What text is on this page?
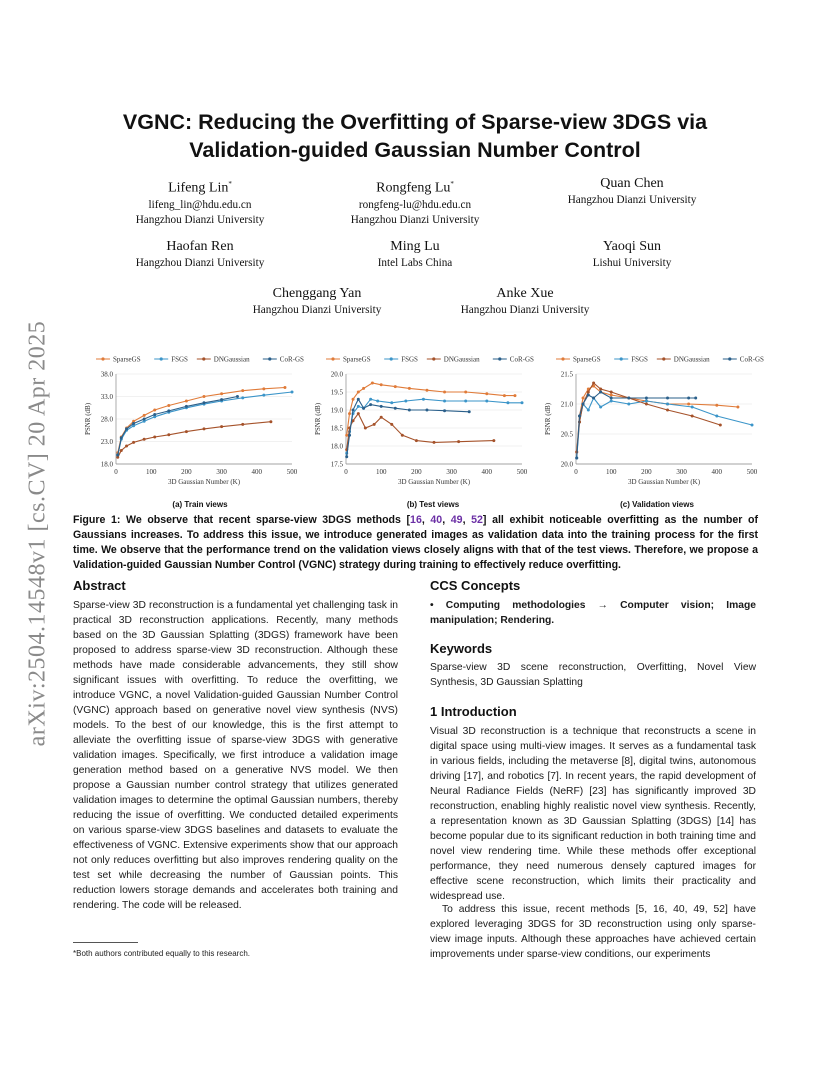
arXiv:2504.14548v1 [cs.CV] 20 Apr 2025
VGNC: Reducing the Overfitting of Sparse-view 3DGS via
Validation-guided Gaussian Number Control
Lifeng Lin*
lifeng_lin@hdu.edu.cn
Hangzhou Dianzi University
Rongfeng Lu*
rongfeng-lu@hdu.edu.cn
Hangzhou Dianzi University
Quan Chen
Hangzhou Dianzi University
Haofan Ren
Hangzhou Dianzi University
Ming Lu
Intel Labs China
Yaoqi Sun
Lishui University
Chenggang Yan
Hangzhou Dianzi University
Anke Xue
Hangzhou Dianzi University
SparseGS	FSGS	DNGaussian	CoR-GS
18.0
23.0
28.0
33.0
38.0
0	100	200	300	400	500
3D Gaussian Number (K)
PSNR (dB)
SparseGS	FSGS	DNGaussian	CoR-GS
17.5
18.0
18.5
19.0
19.5
20.0
0	100	200	300	400	500
3D Gaussian Number (K)
PSNR (dB)
SparseGS	FSGS	DNGaussian	CoR-GS
20.0
20.5
21.0
21.5
0	100	200	300	400	500
3D Gaussian Number (K)
PSNR (dB)
(a) Train views	(b) Test views	(c) Validation views
Figure 1: We observe that recent sparse-view 3DGS methods [16, 40, 49, 52] all exhibit noticeable overfitting as the number of Gaussians increases. To address this issue, we introduce generated images as validation data into the training process for the first time. We observe that the performance trend on the validation views closely aligns with that of the test views. Therefore, we propose a Validation-guided Gaussian Number Control (VGNC) strategy during training to effectively reduce overfitting.
Abstract
Sparse-view 3D reconstruction is a fundamental yet challenging task in practical 3D reconstruction applications. Recently, many methods based on the 3D Gaussian Splatting (3DGS) framework have been proposed to address sparse-view 3D reconstruction. Although these methods have made considerable advancements, they still show significant issues with overfitting. To reduce the overfitting, we introduce VGNC, a novel Validation-guided Gaussian Number Control (VGNC) approach based on generative novel view synthesis (NVS) models. To the best of our knowledge, this is the first attempt to alleviate the overfitting issue of sparse-view 3DGS with generative validation images. Specifically, we first introduce a validation image generation method based on a generative NVS model. We then propose a Gaussian number control strategy that utilizes generated validation images to determine the optimal Gaussian numbers, thereby reducing the issue of overfitting. We conducted detailed experiments on various sparse-view 3DGS baselines and datasets to evaluate the effectiveness of VGNC. Extensive experiments show that our approach not only reduces overfitting but also improves rendering quality on the test set while decreasing the number of Gaussian points. This reduction lowers storage demands and accelerates both training and rendering. The code will be released.
*Both authors contributed equally to this research.
CCS Concepts
• Computing methodologies → Computer vision; Image manipulation; Rendering.
Keywords
Sparse-view 3D scene reconstruction, Overfitting, Novel View Synthesis, 3D Gaussian Splatting
1 Introduction
Visual 3D reconstruction is a technique that reconstructs a scene in digital space using multi-view images. It serves as a fundamental task in various fields, including the metaverse [8], digital twins, autonomous driving [17], and robotics [7]. In recent years, the rapid development of Neural Radiance Fields (NeRF) [23] has significantly improved 3D reconstruction, enabling highly realistic novel view synthesis. Recently, a representation known as 3D Gaussian Splatting (3DGS) [14] has become popular due to its significant reduction in both training time and novel view rendering time. While these methods offer exceptional performance, they need numerous densely captured images for effective scene reconstruction, which limits their practicality and widespread use.
To address this issue, recent methods [5, 16, 40, 49, 52] have explored leveraging 3DGS for 3D reconstruction using only sparse-view image inputs. Although these approaches have achieved certain improvements under sparse-view conditions, our experiments
